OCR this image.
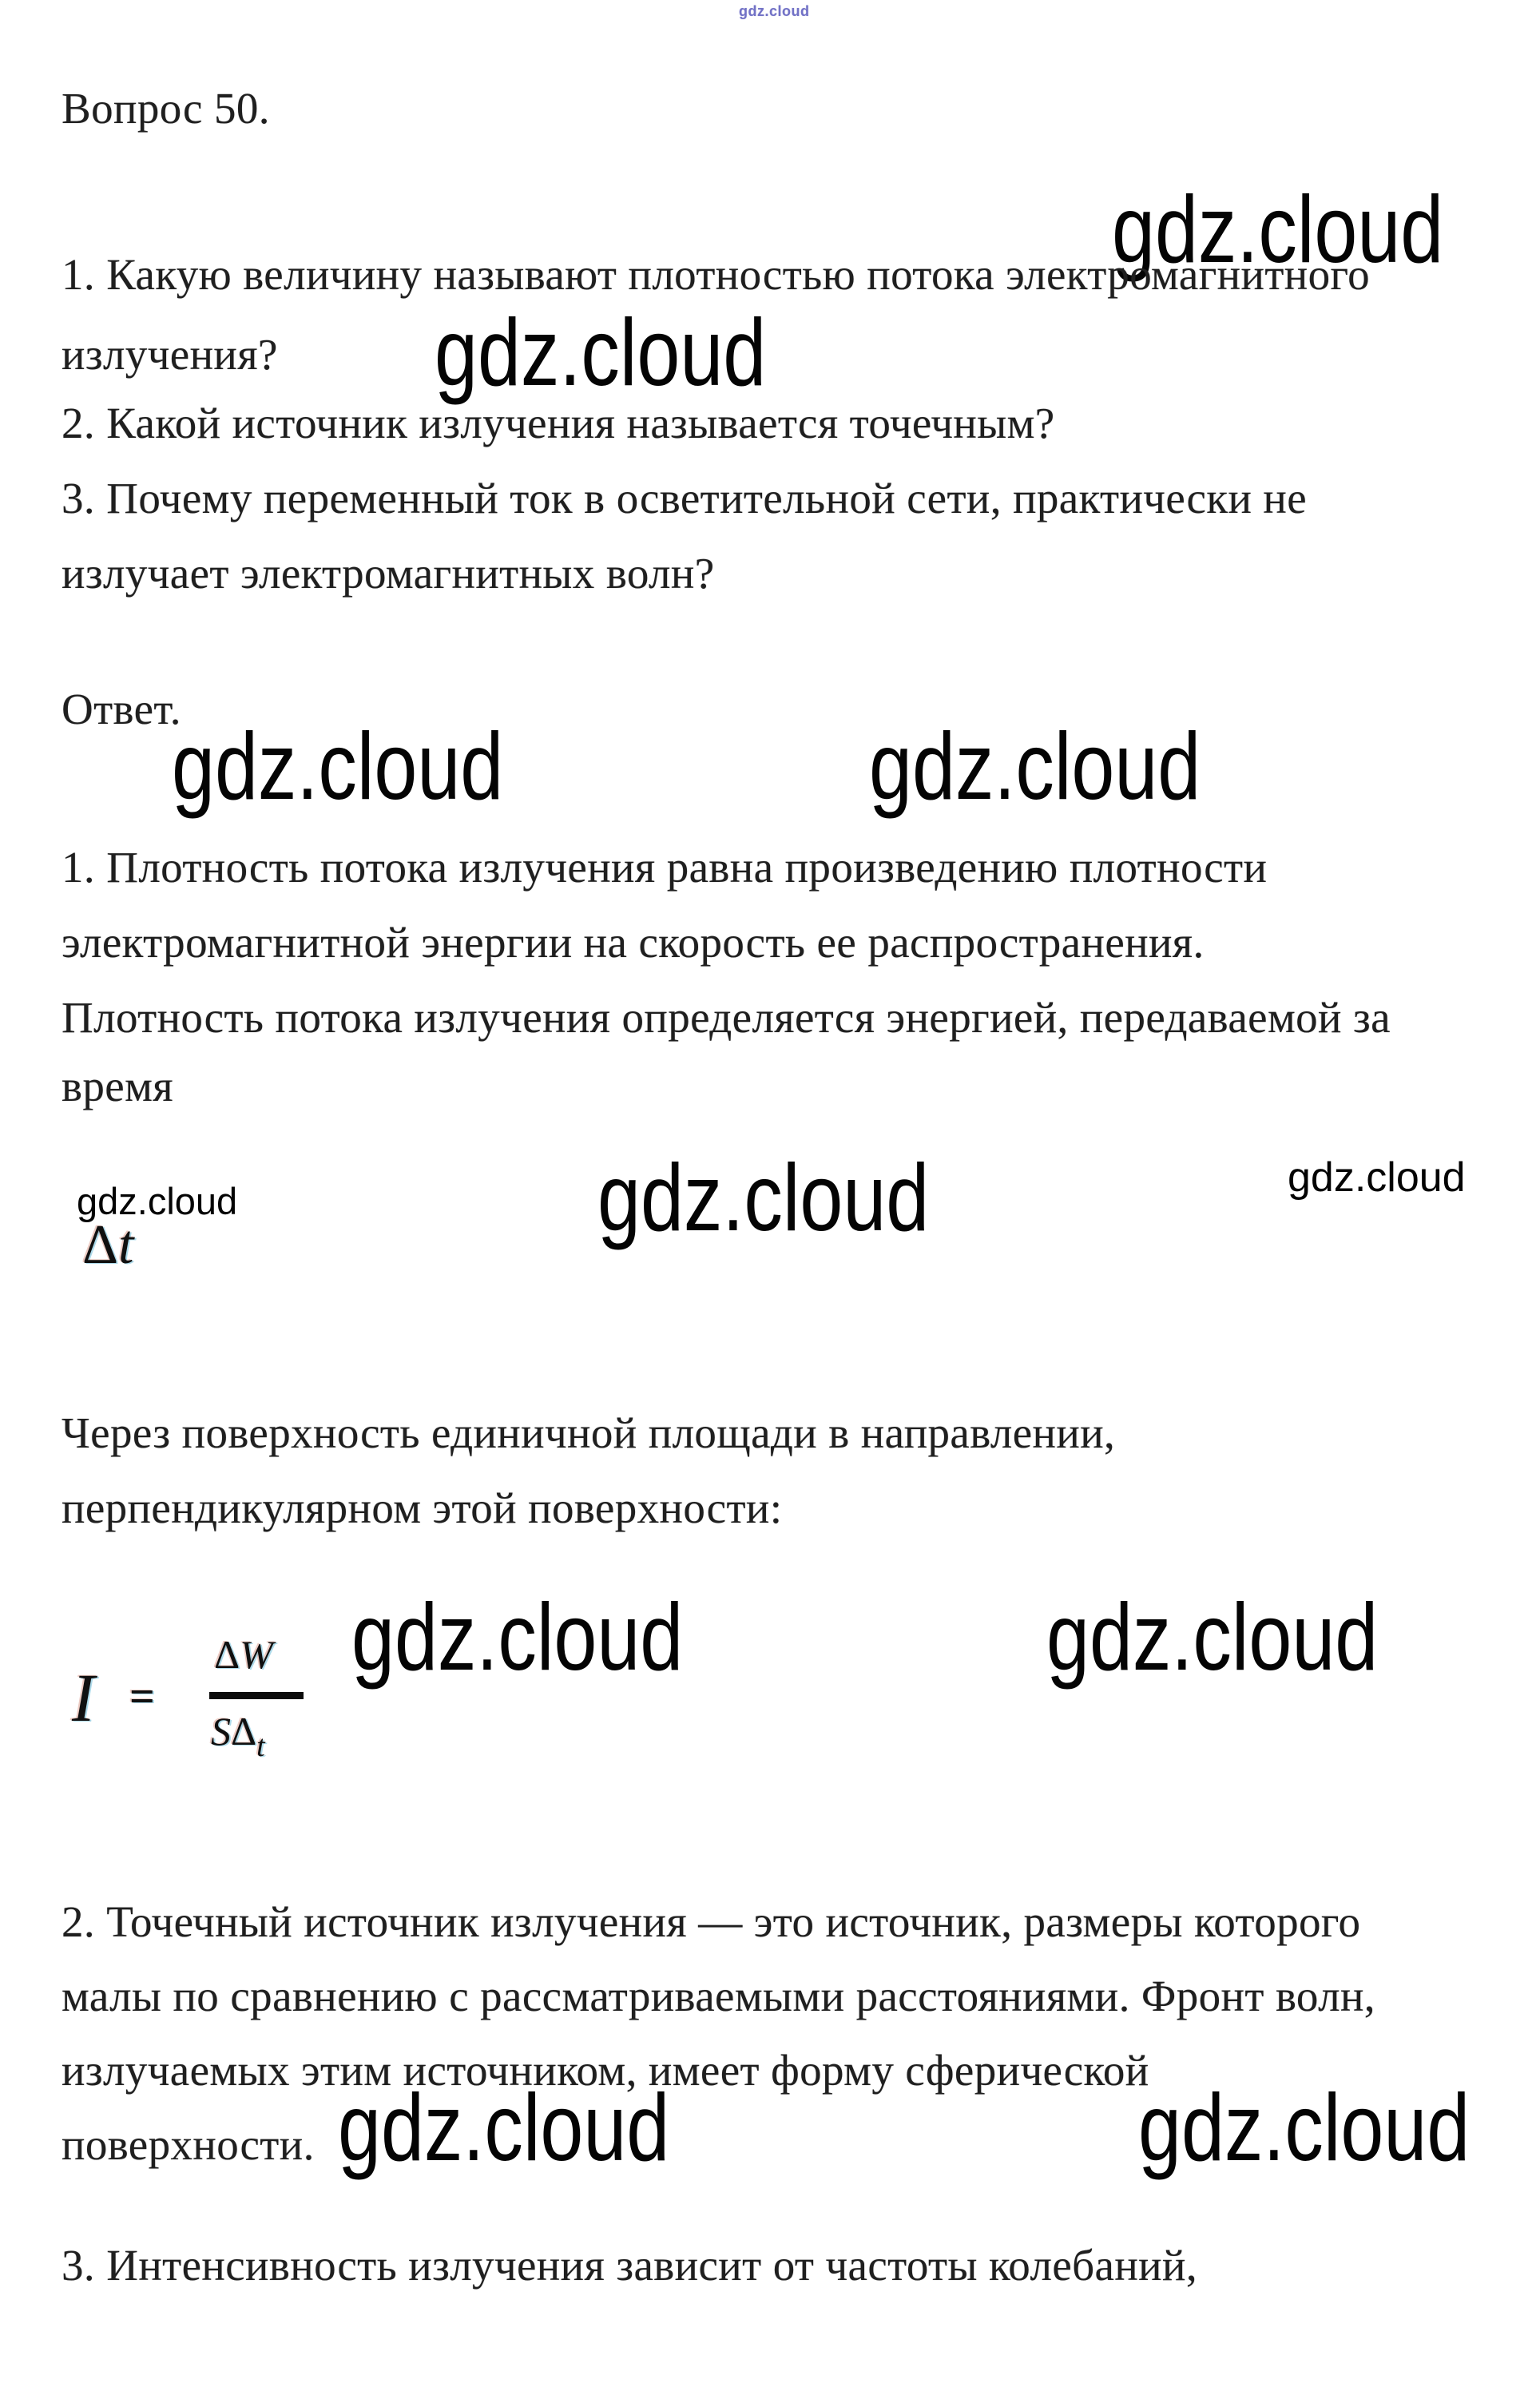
gdz.cloud
gdz.cloud
gdz.cloud
gdz.cloud	gdz.cloud
gdz.cloud	gdz.cloud	gdz.cloud
gdz.cloud	gdz.cloud
gdz.cloud	gdz.cloud
Вопрос 50.
1. Какую величину называют плотностью потока электромагнитного
излучения?
2. Какой источник излучения называется точечным?
3. Почему переменный ток в осветительной сети, практически не
излучает электромагнитных волн?
Ответ.
1. Плотность потока излучения равна произведению плотности
электромагнитной энергии на скорость ее распространения.
Плотность потока излучения определяется энергией, передаваемой за
время
Δt
Через поверхность единичной площади в направлении,
перпендикулярном этой поверхности:
I =
ΔW
$S\Delta_t$
2. Точечный источник излучения — это источник, размеры которого
малы по сравнению с рассматриваемыми расстояниями. Фронт волн,
излучаемых этим источником, имеет форму сферической
поверхности.
3. Интенсивность излучения зависит от частоты колебаний,
